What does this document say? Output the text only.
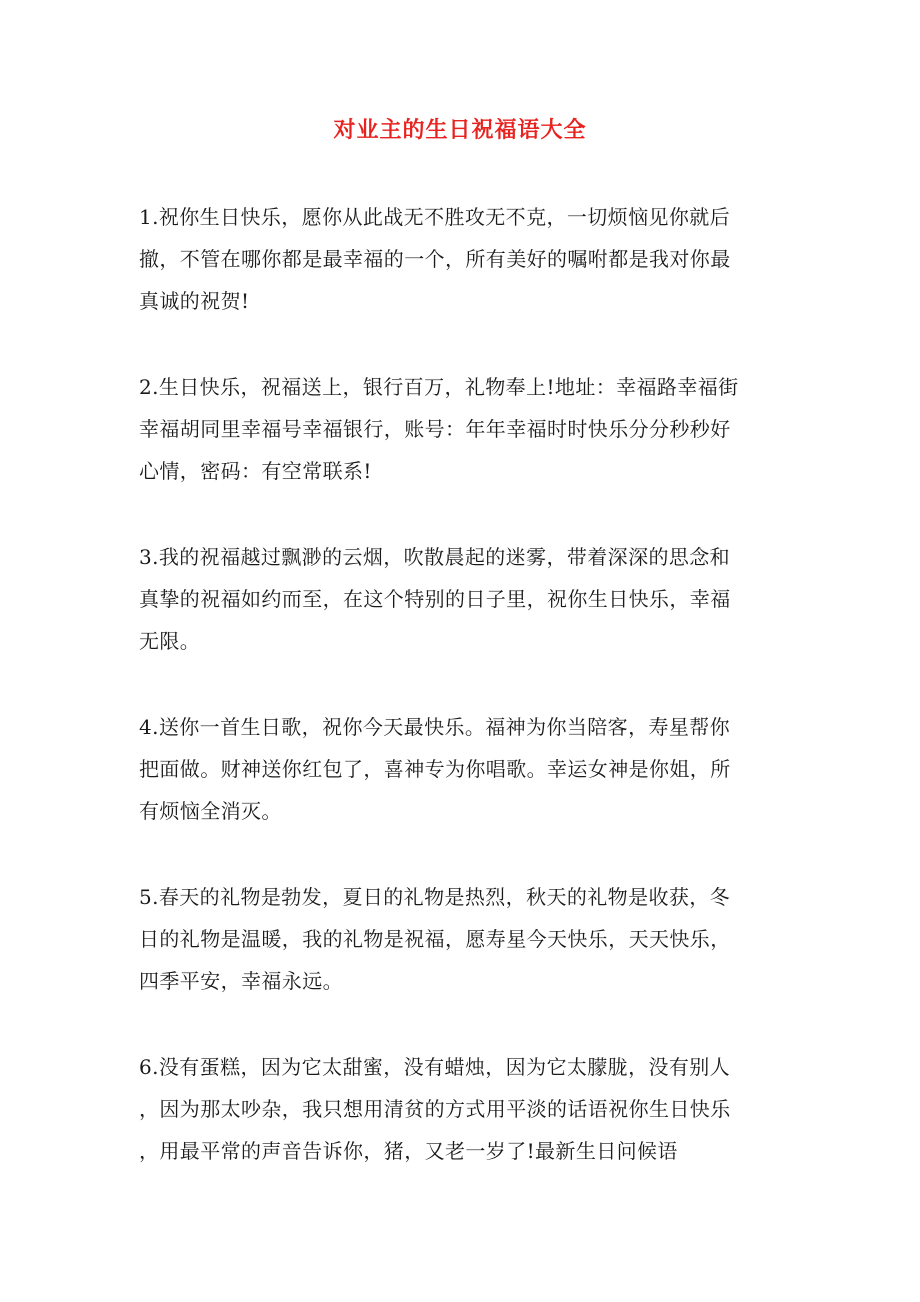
对业主的生日祝福语大全
1.祝你生日快乐，愿你从此战无不胜攻无不克，一切烦恼见你就后
撤，不管在哪你都是最幸福的一个，所有美好的嘱咐都是我对你最
真诚的祝贺!
2.生日快乐，祝福送上，银行百万，礼物奉上!地址：幸福路幸福街
幸福胡同里幸福号幸福银行，账号：年年幸福时时快乐分分秒秒好
心情，密码：有空常联系!
3.我的祝福越过飘渺的云烟，吹散晨起的迷雾，带着深深的思念和
真挚的祝福如约而至，在这个特别的日子里，祝你生日快乐，幸福
无限。
4.送你一首生日歌，祝你今天最快乐。福神为你当陪客，寿星帮你
把面做。财神送你红包了，喜神专为你唱歌。幸运女神是你姐，所
有烦恼全消灭。
5.春天的礼物是勃发，夏日的礼物是热烈，秋天的礼物是收获，冬
日的礼物是温暖，我的礼物是祝福，愿寿星今天快乐，天天快乐，
四季平安，幸福永远。
6.没有蛋糕，因为它太甜蜜，没有蜡烛，因为它太朦胧，没有别人
，因为那太吵杂，我只想用清贫的方式用平淡的话语祝你生日快乐
，用最平常的声音告诉你，猪，又老一岁了!最新生日问候语
